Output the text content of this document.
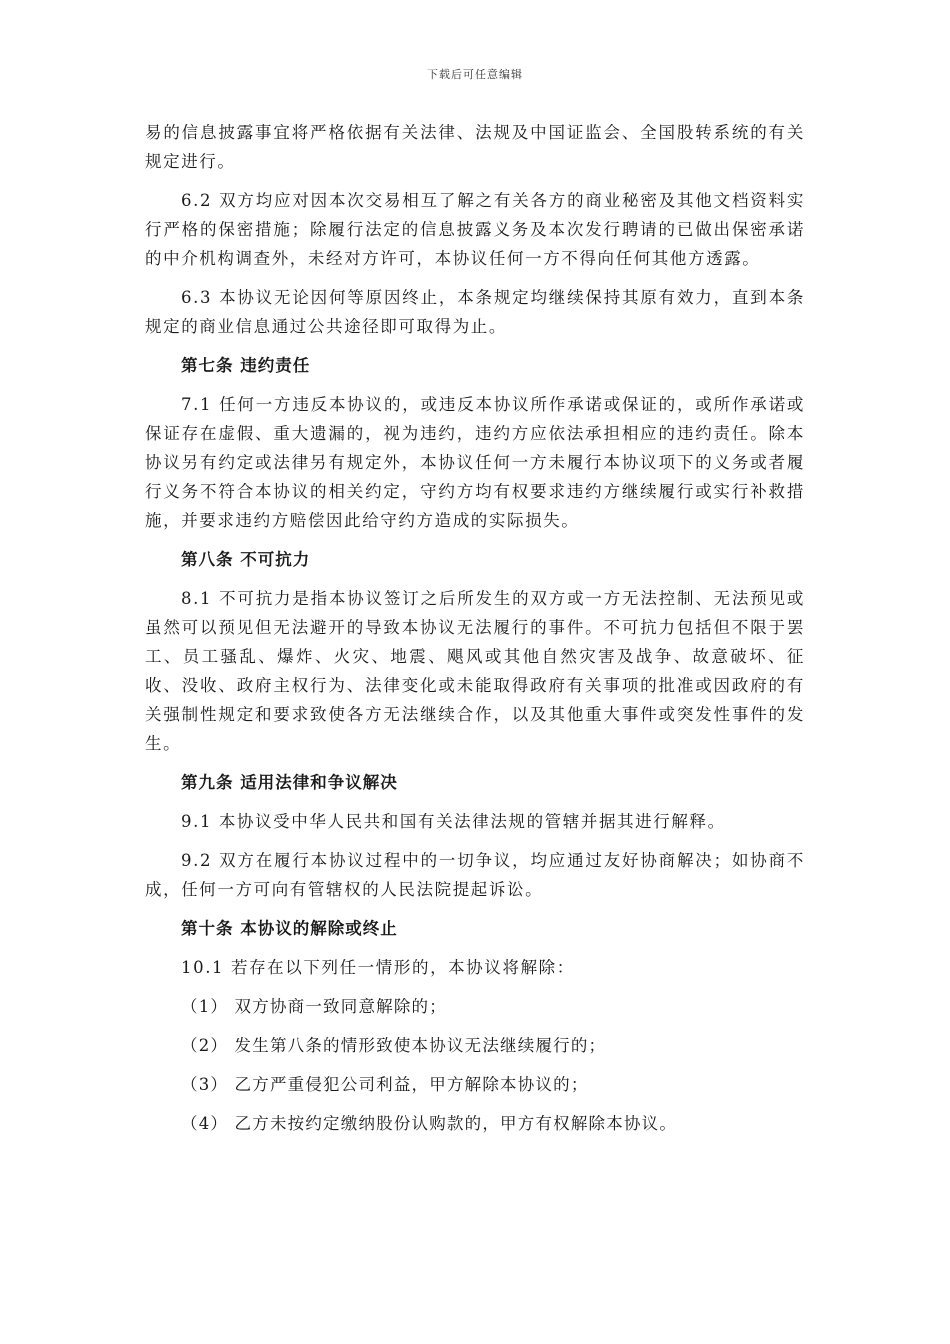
下载后可任意编辑

易的信息披露事宜将严格依据有关法律、法规及中国证监会、全国股转系统的有关规定进行。

6.2 双方均应对因本次交易相互了解之有关各方的商业秘密及其他文档资料实行严格的保密措施；除履行法定的信息披露义务及本次发行聘请的已做出保密承诺的中介机构调查外，未经对方许可，本协议任何一方不得向任何其他方透露。

6.3 本协议无论因何等原因终止，本条规定均继续保持其原有效力，直到本条规定的商业信息通过公共途径即可取得为止。

第七条 违约责任

7.1 任何一方违反本协议的，或违反本协议所作承诺或保证的，或所作承诺或保证存在虚假、重大遗漏的，视为违约，违约方应依法承担相应的违约责任。除本协议另有约定或法律另有规定外，本协议任何一方未履行本协议项下的义务或者履行义务不符合本协议的相关约定，守约方均有权要求违约方继续履行或实行补救措施，并要求违约方赔偿因此给守约方造成的实际损失。

第八条 不可抗力

8.1 不可抗力是指本协议签订之后所发生的双方或一方无法控制、无法预见或虽然可以预见但无法避开的导致本协议无法履行的事件。不可抗力包括但不限于罢工、员工骚乱、爆炸、火灾、地震、飓风或其他自然灾害及战争、故意破坏、征收、没收、政府主权行为、法律变化或未能取得政府有关事项的批准或因政府的有关强制性规定和要求致使各方无法继续合作，以及其他重大事件或突发性事件的发生。

第九条 适用法律和争议解决

9.1 本协议受中华人民共和国有关法律法规的管辖并据其进行解释。

9.2 双方在履行本协议过程中的一切争议，均应通过友好协商解决；如协商不成，任何一方可向有管辖权的人民法院提起诉讼。

第十条 本协议的解除或终止

10.1 若存在以下列任一情形的，本协议将解除：

（1） 双方协商一致同意解除的；

（2） 发生第八条的情形致使本协议无法继续履行的；

（3） 乙方严重侵犯公司利益，甲方解除本协议的；

（4） 乙方未按约定缴纳股份认购款的，甲方有权解除本协议。
